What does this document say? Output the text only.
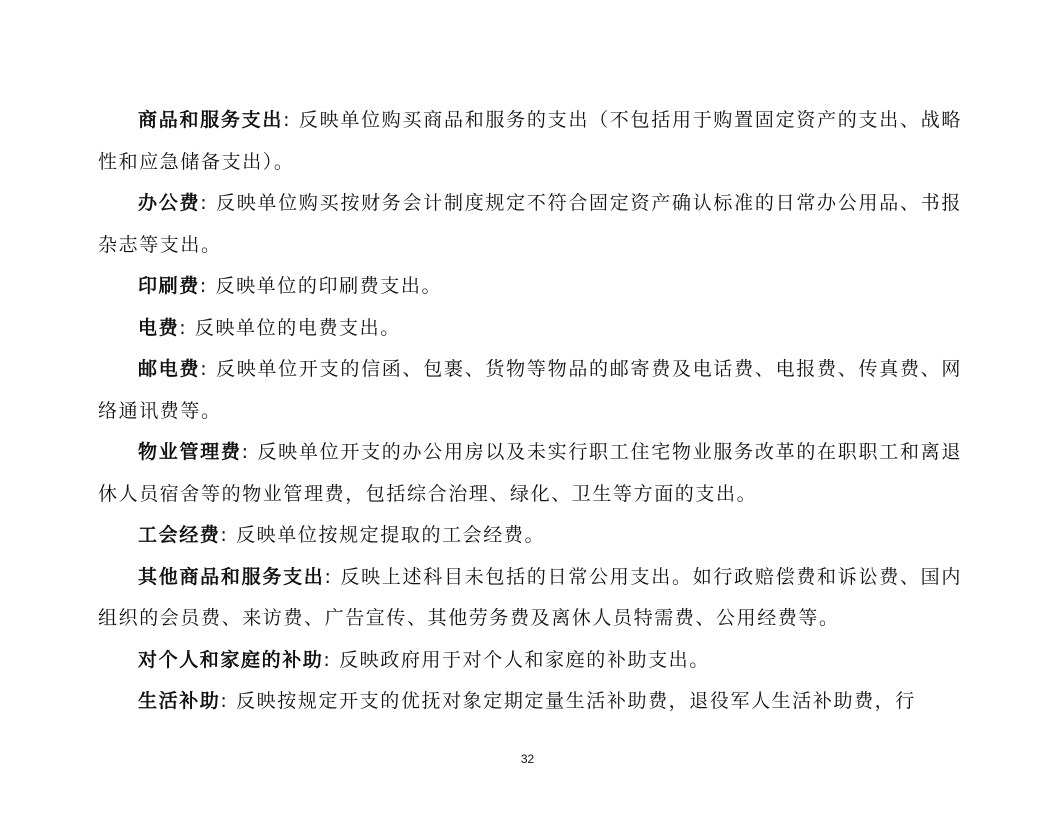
商品和服务支出: 反映单位购买商品和服务的支出（不包括用于购置固定资产的支出、战略性和应急储备支出）。

办公费: 反映单位购买按财务会计制度规定不符合固定资产确认标准的日常办公用品、书报杂志等支出。

印刷费: 反映单位的印刷费支出。

电费: 反映单位的电费支出。

邮电费: 反映单位开支的信函、包裹、货物等物品的邮寄费及电话费、电报费、传真费、网络通讯费等。

物业管理费: 反映单位开支的办公用房以及未实行职工住宅物业服务改革的在职职工和离退休人员宿舍等的物业管理费，包括综合治理、绿化、卫生等方面的支出。

工会经费: 反映单位按规定提取的工会经费。

其他商品和服务支出: 反映上述科目未包括的日常公用支出。如行政赔偿费和诉讼费、国内组织的会员费、来访费、广告宣传、其他劳务费及离休人员特需费、公用经费等。

对个人和家庭的补助: 反映政府用于对个人和家庭的补助支出。

生活补助: 反映按规定开支的优抚对象定期定量生活补助费，退役军人生活补助费，行

32
